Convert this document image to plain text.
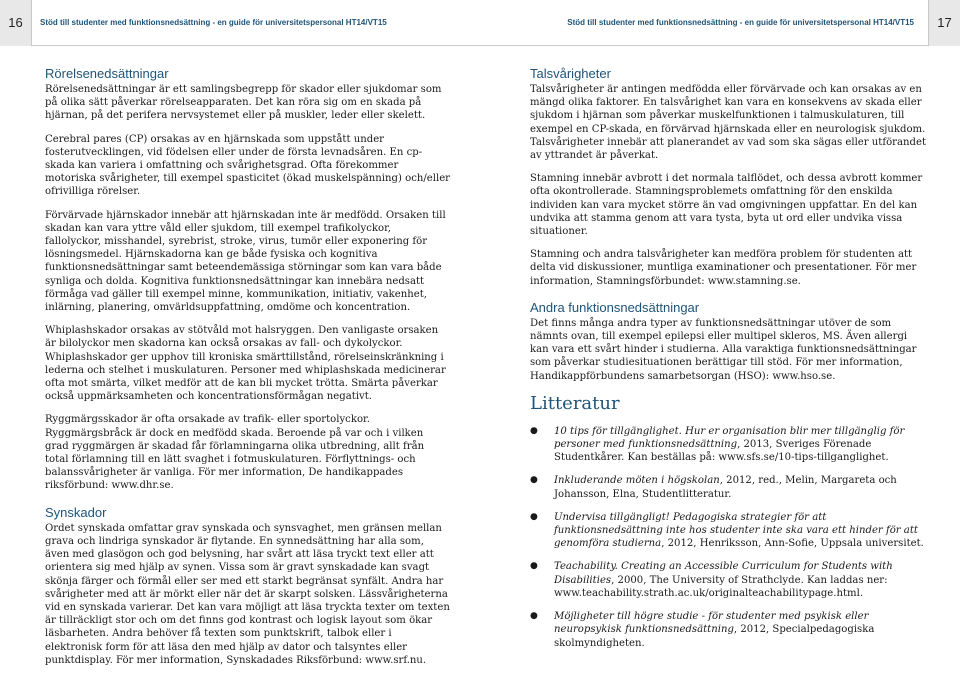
16	Stöd till studenter med funktionsnedsättning - en guide för universitetspersonal HT14/VT15	Stöd till studenter med funktionsnedsättning - en guide för universitetspersonal HT14/VT15	17
Rörelsenedsättningar

Rörelsenedsättningar är ett samlingsbegrepp för skador eller sjukdomar som på olika sätt påverkar rörelseapparaten. Det kan röra sig om en skada på hjärnan, på det perifera nervsystemet eller på muskler, leder eller skelett.

Cerebral pares (CP) orsakas av en hjärnskada som uppstått under fosterutvecklingen, vid födelsen eller under de första levnadsåren. En cp-skada kan variera i omfattning och svårighetsgrad. Ofta förekommer motoriska svårigheter, till exempel spasticitet (ökad muskelspänning) och/eller ofrivilliga rörelser.

Förvärvade hjärnskador innebär att hjärnskadan inte är medfödd. Orsaken till skadan kan vara yttre våld eller sjukdom, till exempel trafikolyckor, fallolyckor, misshandel, syrebrist, stroke, virus, tumör eller exponering för lösningsmedel. Hjärnskadorna kan ge både fysiska och kognitiva funktionsnedsättningar samt beteendemässiga störningar som kan vara både synliga och dolda. Kognitiva funktionsnedsättningar kan innebära nedsatt förmåga vad gäller till exempel minne, kommunikation, initiativ, vakenhet, inlärning, planering, omvärldsuppfattning, omdöme och koncentration.

Whiplashskador orsakas av stötvåld mot halsryggen. Den vanligaste orsaken är bilolyckor men skadorna kan också orsakas av fall- och dykolyckor. Whiplashskador ger upphov till kroniska smärttillstånd, rörelseinskränkning i lederna och stelhet i muskulaturen. Personer med whiplashskada medicinerar ofta mot smärta, vilket medför att de kan bli mycket trötta. Smärta påverkar också uppmärksamheten och koncentrationsförmågan negativt.

Ryggmärgsskador är ofta orsakade av trafik- eller sportolyckor. Ryggmärgsbråck är dock en medfödd skada. Beroende på var och i vilken grad ryggmärgen är skadad får förlamningarna olika utbredning, allt från total förlamning till en lätt svaghet i fotmuskulaturen. Förflyttnings- och balanssvårigheter är vanliga. För mer information, De handikappades riksförbund: www.dhr.se.

Synskador

Ordet synskada omfattar grav synskada och synsvaghet, men gränsen mellan grava och lindriga synskador är flytande. En synnedsättning har alla som, även med glasögon och god belysning, har svårt att läsa tryckt text eller att orientera sig med hjälp av synen. Vissa som är gravt synskadade kan svagt skönja färger och förmål eller ser med ett starkt begränsat synfält. Andra har svårigheter med att är mörkt eller när det är skarpt solsken. Lässvårigheterna vid en synskada varierar. Det kan vara möjligt att läsa tryckta texter om texten är tillräckligt stor och om det finns god kontrast och logisk layout som ökar läsbarheten. Andra behöver få texten som punktskrift, talbok eller i elektronisk form för att läsa den med hjälp av dator och talsyntes eller punktdisplay. För mer information, Synskadades Riksförbund: www.srf.nu.

Talsvårigheter

Talsvårigheter är antingen medfödda eller förvärvade och kan orsakas av en mängd olika faktorer. En talsvårighet kan vara en konsekvens av skada eller sjukdom i hjärnan som påverkar muskelfunktionen i talmuskulaturen, till exempel en CP-skada, en förvärvad hjärnskada eller en neurologisk sjukdom. Talsvårigheter innebär att planerandet av vad som ska sägas eller utförandet av yttrandet är påverkat.

Stamning innebär avbrott i det normala talflödet, och dessa avbrott kommer ofta okontrollerade. Stamningsproblemets omfattning för den enskilda individen kan vara mycket större än vad omgivningen uppfattar. En del kan undvika att stamma genom att vara tysta, byta ut ord eller undvika vissa situationer.

Stamning och andra talsvårigheter kan medföra problem för studenten att delta vid diskussioner, muntliga examinationer och presentationer. För mer information, Stamningsförbundet: www.stamning.se.

Andra funktionsnedsättningar

Det finns många andra typer av funktionsnedsättningar utöver de som nämnts ovan, till exempel epilepsi eller multipel skleros, MS. Även allergi kan vara ett svårt hinder i studierna. Alla varaktiga funktionsnedsättningar som påverkar studiesituationen berättigar till stöd. För mer information, Handikappförbundens samarbetsorgan (HSO): www.hso.se.

Litteratur
● 10 tips för tillgänglighet. Hur er organisation blir mer tillgänglig för personer med funktionsnedsättning, 2013, Sveriges Förenade Studentkårer. Kan beställas på: www.sfs.se/10-tips-tillganglighet.
● Inkluderande möten i högskolan, 2012, red., Melin, Margareta och Johansson, Elna, Studentlitteratur.
● Undervisa tillgängligt! Pedagogiska strategier för att funktionsnedsättning inte hos studenter inte ska vara ett hinder för att genomföra studierna, 2012, Henriksson, Ann-Sofie, Uppsala universitet.
● Teachability. Creating an Accessible Curriculum for Students with Disabilities, 2000, The University of Strathclyde. Kan laddas ner: www.teachability.strath.ac.uk/originalteachabilitypage.html.
● Möjligheter till högre studie - för studenter med psykisk eller neuropsykisk funktionsnedsättning, 2012, Specialpedagogiska skolmyndigheten.
